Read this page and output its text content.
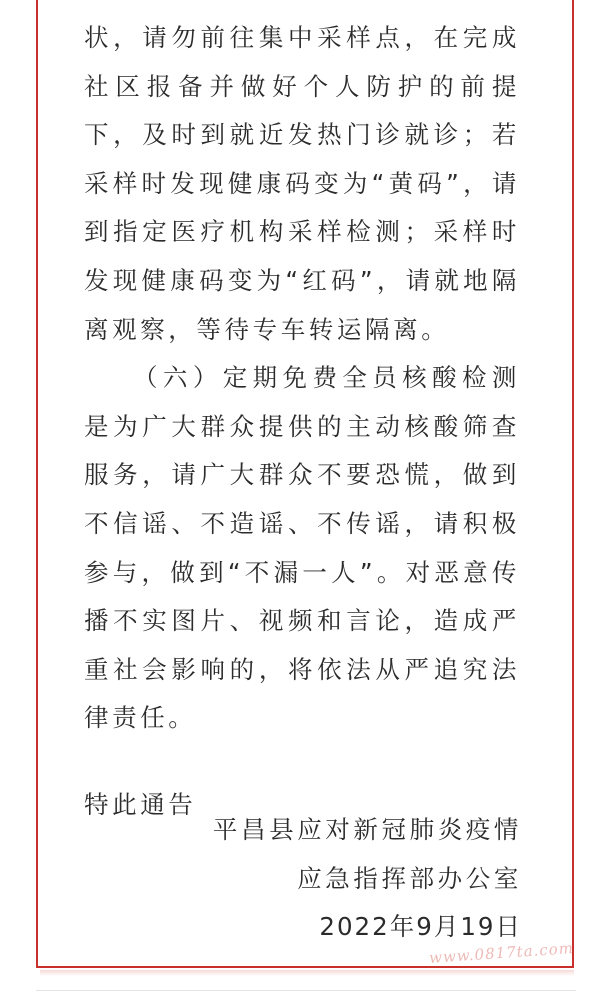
状，请勿前往集中采样点，在完成社区报备并做好个人防护的前提下，及时到就近发热门诊就诊；若采样时发现健康码变为“黄码”，请到指定医疗机构采样检测；采样时发现健康码变为“红码”，请就地隔离观察，等待专车转运隔离。

（六）定期免费全员核酸检测是为广大群众提供的主动核酸筛查服务，请广大群众不要恐慌，做到不信谣、不造谣、不传谣，请积极参与，做到“不漏一人”。对恶意传播不实图片、视频和言论，造成严重社会影响的，将依法从严追究法律责任。

特此通告

平昌县应对新冠肺炎疫情
应急指挥部办公室
2022年9月19日
www.0817ta.com
